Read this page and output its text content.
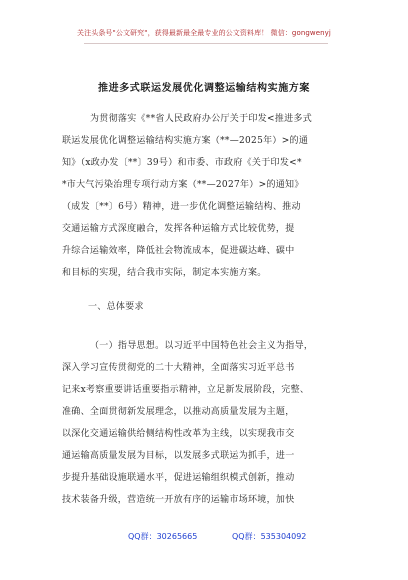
关注头条号"公文研究"，获得最新最全最专业的公文资料库！ 微信：gongwenyj
推进多式联运发展优化调整运输结构实施方案
为贯彻落实《**省人民政府办公厅关于印发<推进多式
联运发展优化调整运输结构实施方案（**—2025年）>的通
知》（x政办发〔**〕39号）和市委、市政府《关于印发<*
*市大气污染治理专项行动方案（**—2027年）>的通知》
（成发〔**〕6号）精神，进一步优化调整运输结构、推动
交通运输方式深度融合，发挥各种运输方式比较优势，提
升综合运输效率，降低社会物流成本，促进碳达峰、碳中
和目标的实现，结合我市实际，制定本实施方案。
一、总体要求
（一）指导思想。以习近平中国特色社会主义为指导，
深入学习宣传贯彻党的二十大精神，全面落实习近平总书
记来x考察重要讲话重要指示精神，立足新发展阶段，完整、
准确、全面贯彻新发展理念，以推动高质量发展为主题，
以深化交通运输供给侧结构性改革为主线，以实现我市交
通运输高质量发展为目标，以发展多式联运为抓手，进一
步提升基础设施联通水平，促进运输组织模式创新，推动
技术装备升级，营造统一开放有序的运输市场环境，加快
QQ群：30265665	QQ群：535304092
